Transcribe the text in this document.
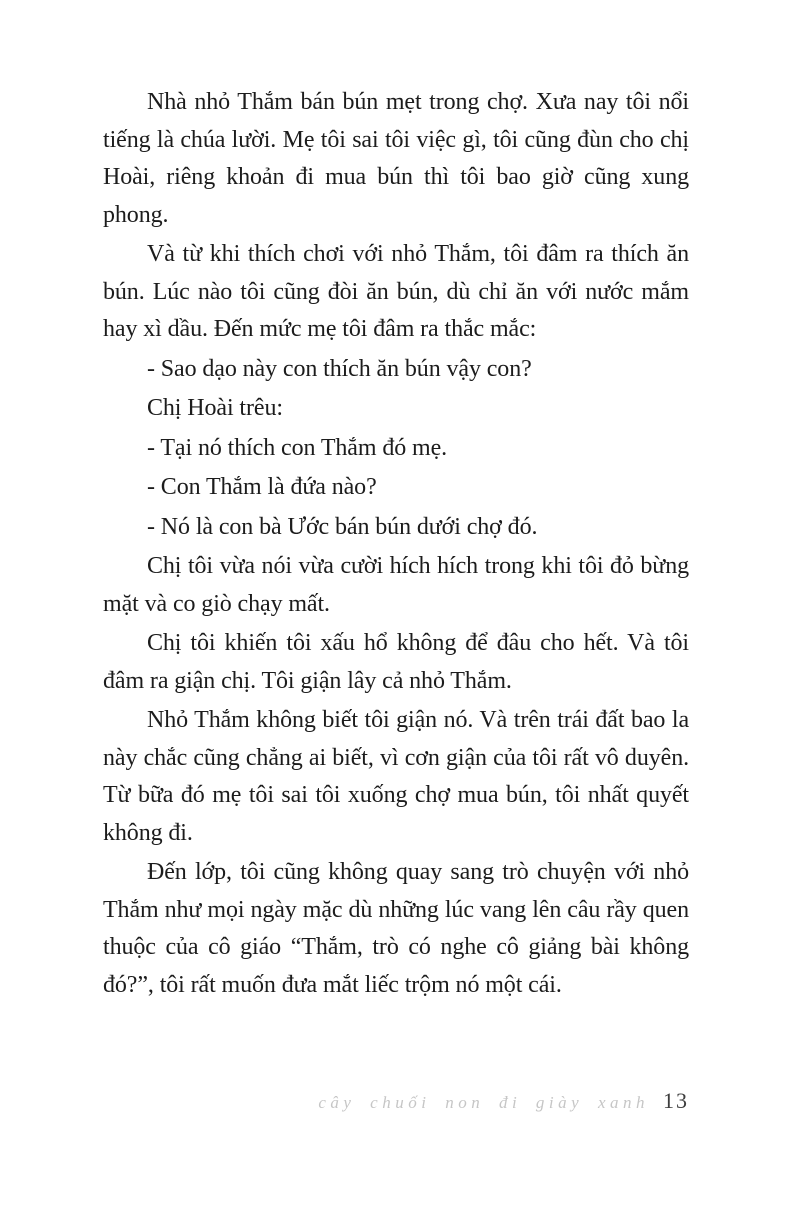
Nhà nhỏ Thắm bán bún mẹt trong chợ. Xưa nay tôi nổi tiếng là chúa lười. Mẹ tôi sai tôi việc gì, tôi cũng đùn cho chị Hoài, riêng khoản đi mua bún thì tôi bao giờ cũng xung phong.

Và từ khi thích chơi với nhỏ Thắm, tôi đâm ra thích ăn bún. Lúc nào tôi cũng đòi ăn bún, dù chỉ ăn với nước mắm hay xì dầu. Đến mức mẹ tôi đâm ra thắc mắc:

- Sao dạo này con thích ăn bún vậy con?

Chị Hoài trêu:

- Tại nó thích con Thắm đó mẹ.

- Con Thắm là đứa nào?

- Nó là con bà Ước bán bún dưới chợ đó.

Chị tôi vừa nói vừa cười hích hích trong khi tôi đỏ bừng mặt và co giò chạy mất.

Chị tôi khiến tôi xấu hổ không để đâu cho hết. Và tôi đâm ra giận chị. Tôi giận lây cả nhỏ Thắm.

Nhỏ Thắm không biết tôi giận nó. Và trên trái đất bao la này chắc cũng chẳng ai biết, vì cơn giận của tôi rất vô duyên. Từ bữa đó mẹ tôi sai tôi xuống chợ mua bún, tôi nhất quyết không đi.

Đến lớp, tôi cũng không quay sang trò chuyện với nhỏ Thắm như mọi ngày mặc dù những lúc vang lên câu rầy quen thuộc của cô giáo “Thắm, trò có nghe cô giảng bài không đó?”, tôi rất muốn đưa mắt liếc trộm nó một cái.

cây chuối non đi giày xanh 13
